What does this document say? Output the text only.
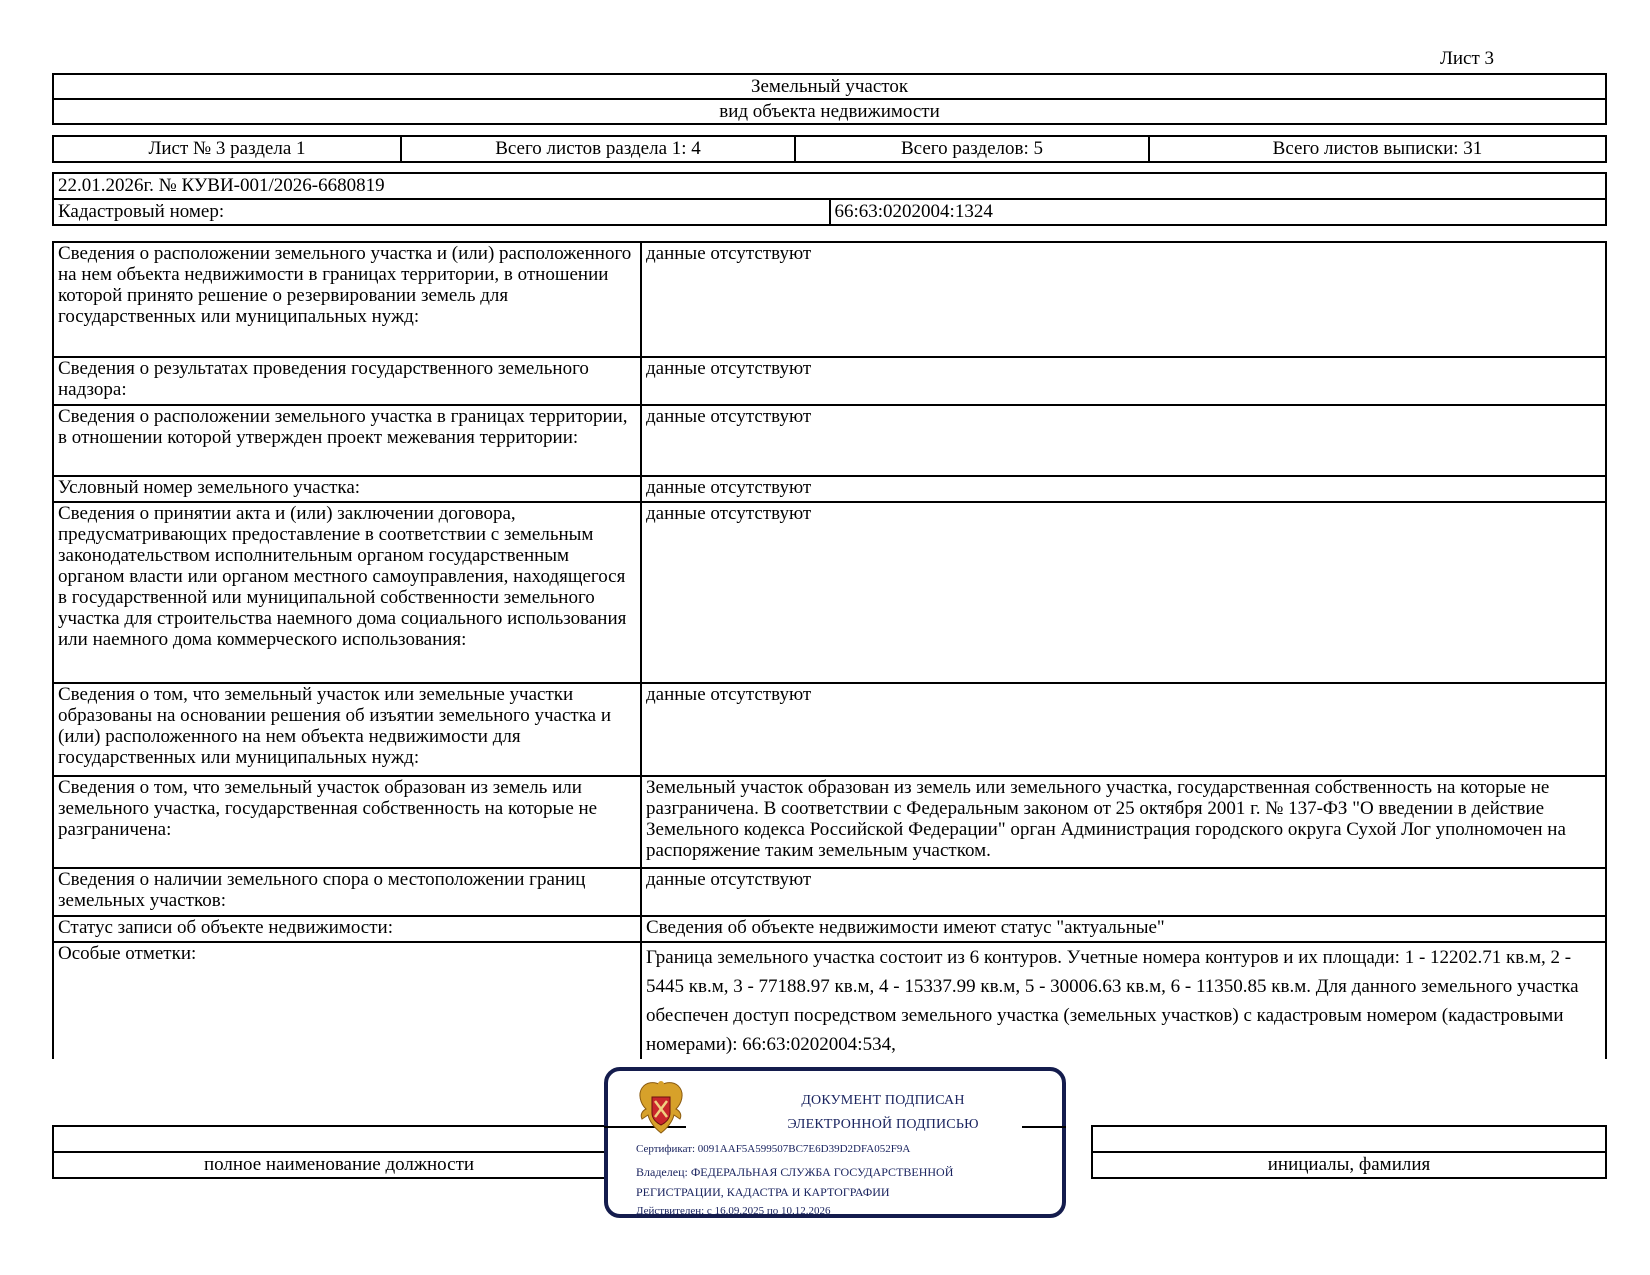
Лист 3
Земельный участок
вид объекта недвижимости
Лист № 3 раздела 1	Всего листов раздела 1: 4	Всего разделов: 5	Всего листов выписки: 31
22.01.2026г. № КУВИ-001/2026-6680819
Кадастровый номер:	66:63:0202004:1324
Сведения о расположении земельного участка и (или) расположенного на нем объекта недвижимости в границах территории, в отношении которой принято решение о резервировании земель для государственных или муниципальных нужд:	данные отсутствуют
Сведения о результатах проведения государственного земельного надзора:	данные отсутствуют
Сведения о расположении земельного участка в границах территории, в отношении которой утвержден проект межевания территории:	данные отсутствуют
Условный номер земельного участка:	данные отсутствуют
Сведения о принятии акта и (или) заключении договора, предусматривающих предоставление в соответствии с земельным законодательством исполнительным органом государственным органом власти или органом местного самоуправления, находящегося в государственной или муниципальной собственности земельного участка для строительства наемного дома социального использования или наемного дома коммерческого использования:	данные отсутствуют
Сведения о том, что земельный участок или земельные участки образованы на основании решения об изъятии земельного участка и (или) расположенного на нем объекта недвижимости для государственных или муниципальных нужд:	данные отсутствуют
Сведения о том, что земельный участок образован из земель или земельного участка, государственная собственность на которые не разграничена:	Земельный участок образован из земель или земельного участка, государственная собственность на которые не разграничена. В соответствии с Федеральным законом от 25 октября 2001 г. № 137-ФЗ "О введении в действие Земельного кодекса Российской Федерации" орган Администрация городского округа Сухой Лог уполномочен на распоряжение таким земельным участком.
Сведения о наличии земельного спора о местоположении границ земельных участков:	данные отсутствуют
Статус записи об объекте недвижимости:	Сведения об объекте недвижимости имеют статус "актуальные"
Особые отметки:	Граница земельного участка состоит из 6 контуров. Учетные номера контуров и их площади: 1 - 12202.71 кв.м, 2 - 5445 кв.м, 3 - 77188.97 кв.м, 4 - 15337.99 кв.м, 5 - 30006.63 кв.м, 6 - 11350.85 кв.м. Для данного земельного участка обеспечен доступ посредством земельного участка (земельных участков) с кадастровым номером (кадастровыми номерами): 66:63:0202004:534,

полное наименование должности		инициалы, фамилия
ДОКУМЕНТ ПОДПИСАН
ЭЛЕКТРОННОЙ ПОДПИСЬЮ
Сертификат: 0091AAF5A599507BC7E6D39D2DFA052F9A
Владелец: ФЕДЕРАЛЬНАЯ СЛУЖБА ГОСУДАРСТВЕННОЙ
РЕГИСТРАЦИИ, КАДАСТРА И КАРТОГРАФИИ
Действителен: с 16.09.2025 по 10.12.2026
